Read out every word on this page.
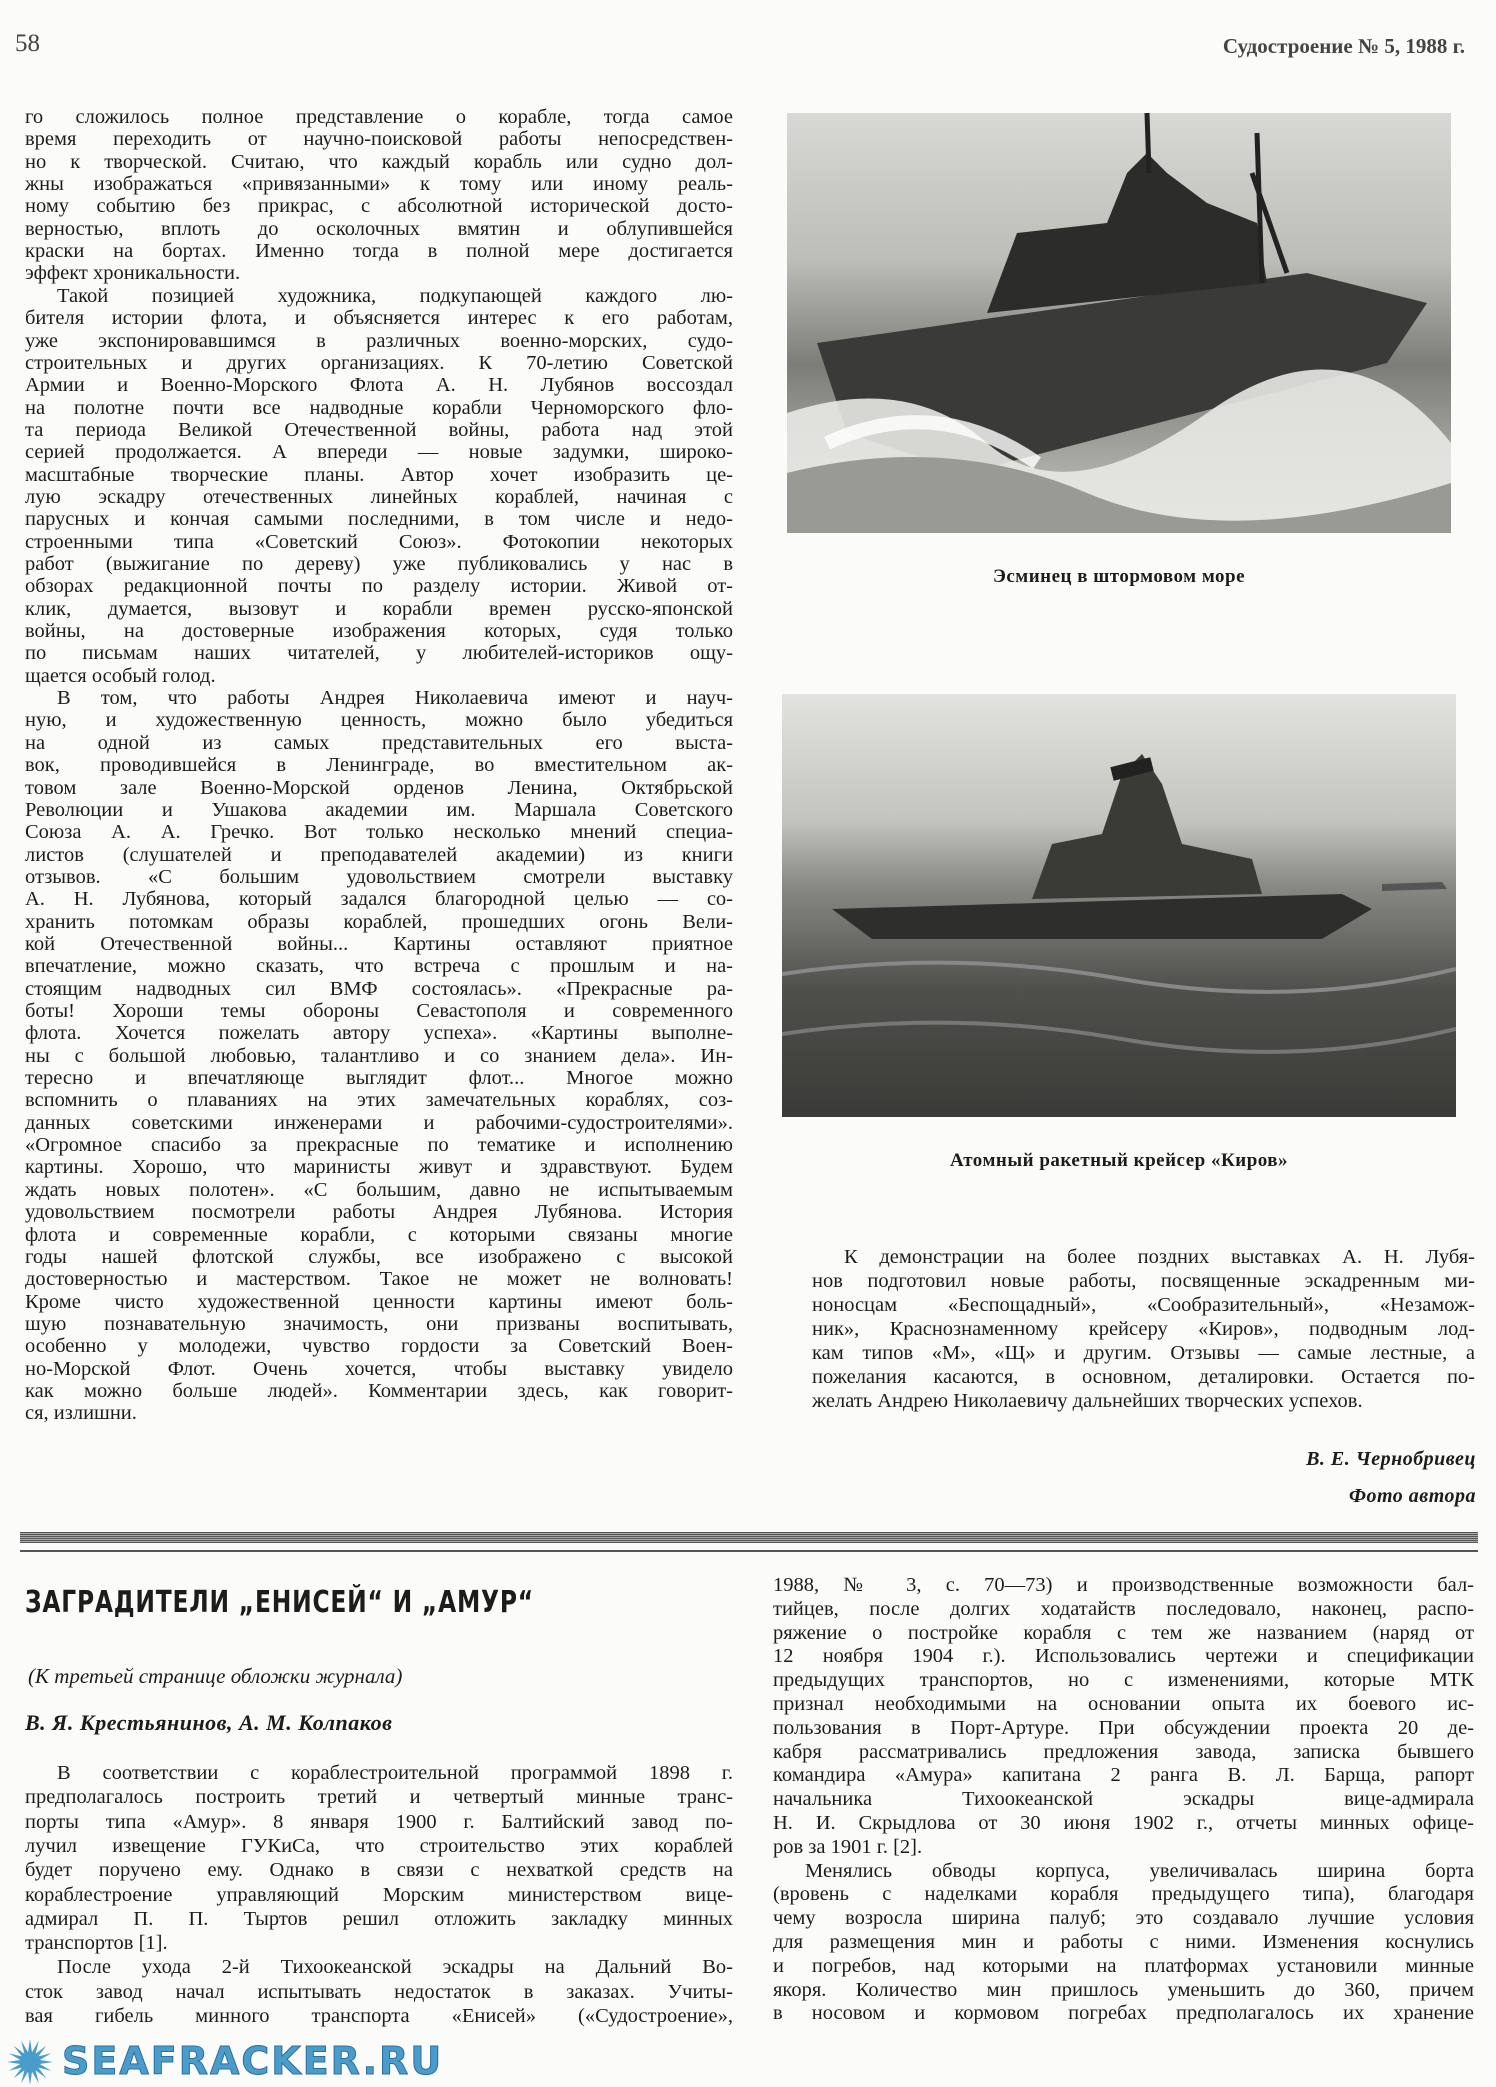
58	Судостроение № 5, 1988 г.
го сложилось полное представление о корабле, тогда самое
время переходить от научно-поисковой работы непосредствен-
но к творческой. Считаю, что каждый корабль или судно дол-
жны изображаться «привязанными» к тому или иному реаль-
ному событию без прикрас, с абсолютной исторической досто-
верностью, вплоть до осколочных вмятин и облупившейся
краски на бортах. Именно тогда в полной мере достигается
эффект хроникальности.
Такой позицией художника, подкупающей каждого лю-
бителя истории флота, и объясняется интерес к его работам,
уже экспонировавшимся в различных военно-морских, судо-
строительных и других организациях. К 70-летию Советской
Армии и Военно-Морского Флота А. Н. Лубянов воссоздал
на полотне почти все надводные корабли Черноморского фло-
та периода Великой Отечественной войны, работа над этой
серией продолжается. А впереди — новые задумки, широко-
масштабные творческие планы. Автор хочет изобразить це-
лую эскадру отечественных линейных кораблей, начиная с
парусных и кончая самыми последними, в том числе и недо-
строенными типа «Советский Союз». Фотокопии некоторых
работ (выжигание по дереву) уже публиковались у нас в
обзорах редакционной почты по разделу истории. Живой от-
клик, думается, вызовут и корабли времен русско-японской
войны, на достоверные изображения которых, судя только
по письмам наших читателей, у любителей-историков ощу-
щается особый голод.
В том, что работы Андрея Николаевича имеют и науч-
ную, и художественную ценность, можно было убедиться
на одной из самых представительных его выста-
вок, проводившейся в Ленинграде, во вместительном ак-
товом зале Военно-Морской орденов Ленина, Октябрьской
Революции и Ушакова академии им. Маршала Советского
Союза А. А. Гречко. Вот только несколько мнений специа-
листов (слушателей и преподавателей академии) из книги
отзывов. «С большим удовольствием смотрели выставку
А. Н. Лубянова, который задался благородной целью — со-
хранить потомкам образы кораблей, прошедших огонь Вели-
кой Отечественной войны... Картины оставляют приятное
впечатление, можно сказать, что встреча с прошлым и на-
стоящим надводных сил ВМФ состоялась». «Прекрасные ра-
боты! Хороши темы обороны Севастополя и современного
флота. Хочется пожелать автору успеха». «Картины выполне-
ны с большой любовью, талантливо и со знанием дела». Ин-
тересно и впечатляюще выглядит флот... Многое можно
вспомнить о плаваниях на этих замечательных кораблях, соз-
данных советскими инженерами и рабочими-судостроителями».
«Огромное спасибо за прекрасные по тематике и исполнению
картины. Хорошо, что маринисты живут и здравствуют. Будем
ждать новых полотен». «С большим, давно не испытываемым
удовольствием посмотрели работы Андрея Лубянова. История
флота и современные корабли, с которыми связаны многие
годы нашей флотской службы, все изображено с высокой
достоверностью и мастерством. Такое не может не волновать!
Кроме чисто художественной ценности картины имеют боль-
шую познавательную значимость, они призваны воспитывать,
особенно у молодежи, чувство гордости за Советский Воен-
но-Морской Флот. Очень хочется, чтобы выставку увидело
как можно больше людей». Комментарии здесь, как говорит-
ся, излишни.
Эсминец в штормовом море
Атомный ракетный крейсер «Киров»
К демонстрации на более поздних выставках А. Н. Лубя-
нов подготовил новые работы, посвященные эскадренным ми-
ноносцам «Беспощадный», «Сообразительный», «Незамож-
ник», Краснознаменному крейсеру «Киров», подводным лод-
кам типов «М», «Щ» и другим. Отзывы — самые лестные, а
пожелания касаются, в основном, деталировки. Остается по-
желать Андрею Николаевичу дальнейших творческих успехов.
В. Е. Чернобривец
Фото автора
ЗАГРАДИТЕЛИ „ЕНИСЕЙ“ И „АМУР“
(К третьей странице обложки журнала)
В. Я. Крестьянинов, А. М. Колпаков
В соответствии с кораблестроительной программой 1898 г.
предполагалось построить третий и четвертый минные транс-
порты типа «Амур». 8 января 1900 г. Балтийский завод по-
лучил извещение ГУКиСа, что строительство этих кораблей
будет поручено ему. Однако в связи с нехваткой средств на
кораблестроение управляющий Морским министерством вице-
адмирал П. П. Тыртов решил отложить закладку минных
транспортов [1].
После ухода 2-й Тихоокеанской эскадры на Дальний Во-
сток завод начал испытывать недостаток в заказах. Учиты-
вая гибель минного транспорта «Енисей» («Судостроение»,
1988, № 3, с. 70—73) и производственные возможности бал-
тийцев, после долгих ходатайств последовало, наконец, распо-
ряжение о постройке корабля с тем же названием (наряд от
12 ноября 1904 г.). Использовались чертежи и спецификации
предыдущих транспортов, но с изменениями, которые МТК
признал необходимыми на основании опыта их боевого ис-
пользования в Порт-Артуре. При обсуждении проекта 20 де-
кабря рассматривались предложения завода, записка бывшего
командира «Амура» капитана 2 ранга В. Л. Барща, рапорт
начальника Тихоокеанской эскадры вице-адмирала
Н. И. Скрыдлова от 30 июня 1902 г., отчеты минных офице-
ров за 1901 г. [2].
Менялись обводы корпуса, увеличивалась ширина борта
(вровень с наделками корабля предыдущего типа), благодаря
чему возросла ширина палуб; это создавало лучшие условия
для размещения мин и работы с ними. Изменения коснулись
и погребов, над которыми на платформах установили минные
якоря. Количество мин пришлось уменьшить до 360, причем
в носовом и кормовом погребах предполагалось их хранение
SEAFRACKER.RU
